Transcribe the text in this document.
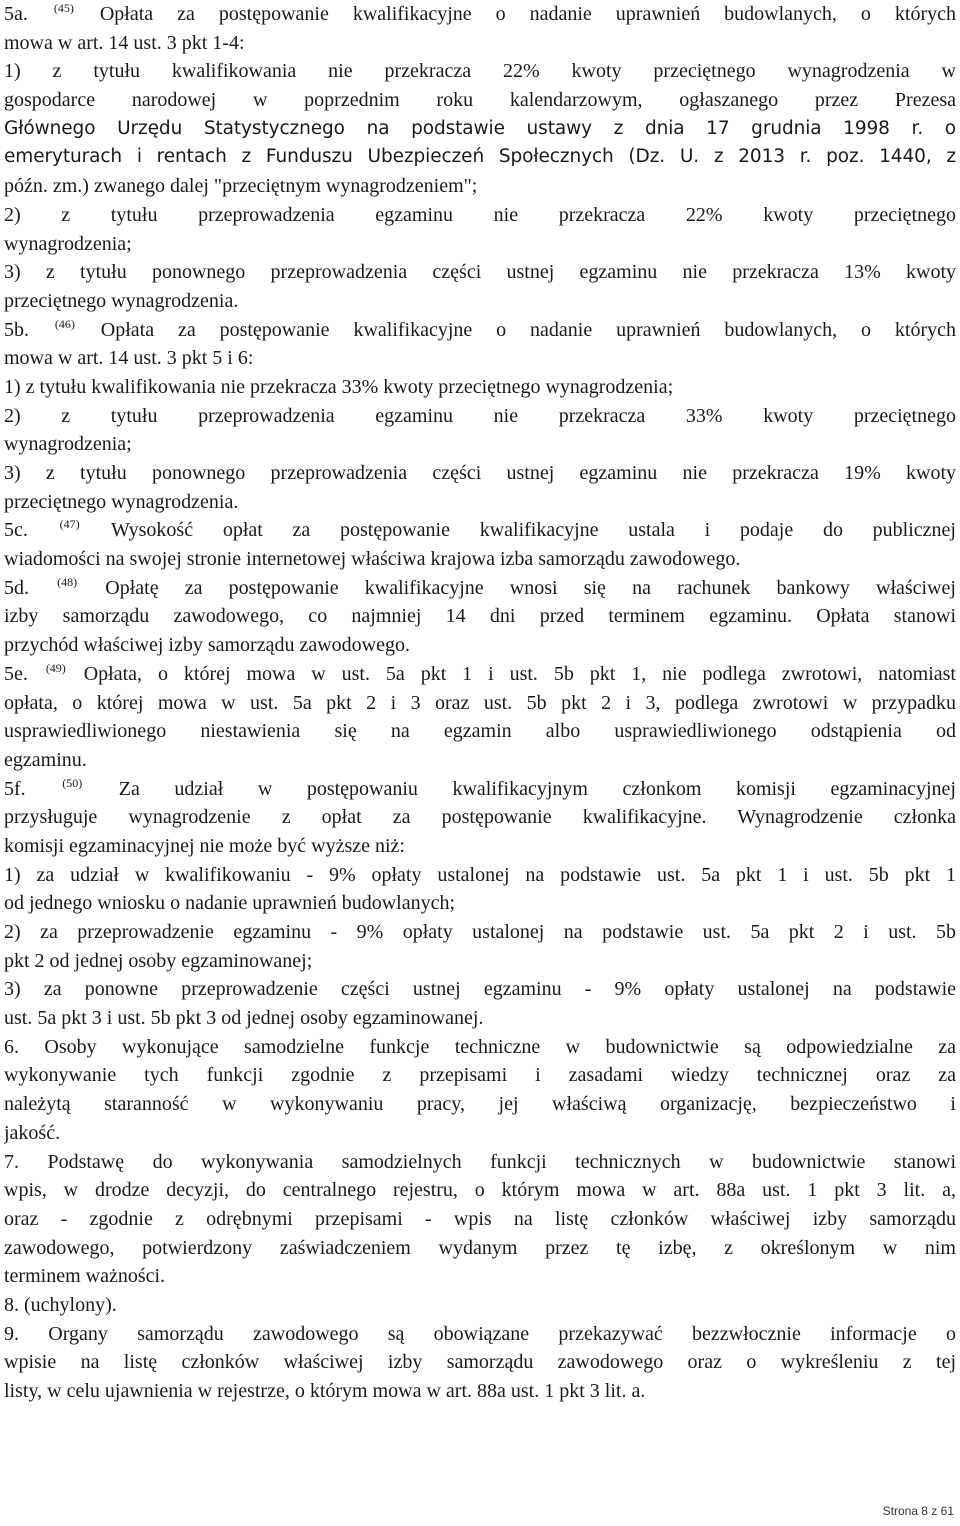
5a. $^{(45)}$ Opłata za postępowanie kwalifikacyjne o nadanie uprawnień budowlanych, o których
mowa w art. 14 ust. 3 pkt 1-4:
1) z tytułu kwalifikowania nie przekracza 22% kwoty przeciętnego wynagrodzenia w
gospodarce narodowej w poprzednim roku kalendarzowym, ogłaszanego przez Prezesa
Głównego Urzędu Statystycznego na podstawie ustawy z dnia 17 grudnia 1998 r. o
emeryturach i rentach z Funduszu Ubezpieczeń Społecznych (Dz. U. z 2013 r. poz. 1440, z
późn. zm.) zwanego dalej "przeciętnym wynagrodzeniem";
2) z tytułu przeprowadzenia egzaminu nie przekracza 22% kwoty przeciętnego
wynagrodzenia;
3) z tytułu ponownego przeprowadzenia części ustnej egzaminu nie przekracza 13% kwoty
przeciętnego wynagrodzenia.
5b. $^{(46)}$ Opłata za postępowanie kwalifikacyjne o nadanie uprawnień budowlanych, o których
mowa w art. 14 ust. 3 pkt 5 i 6:
1) z tytułu kwalifikowania nie przekracza 33% kwoty przeciętnego wynagrodzenia;
2) z tytułu przeprowadzenia egzaminu nie przekracza 33% kwoty przeciętnego
wynagrodzenia;
3) z tytułu ponownego przeprowadzenia części ustnej egzaminu nie przekracza 19% kwoty
przeciętnego wynagrodzenia.
5c. $^{(47)}$ Wysokość opłat za postępowanie kwalifikacyjne ustala i podaje do publicznej
wiadomości na swojej stronie internetowej właściwa krajowa izba samorządu zawodowego.
5d. $^{(48)}$ Opłatę za postępowanie kwalifikacyjne wnosi się na rachunek bankowy właściwej
izby samorządu zawodowego, co najmniej 14 dni przed terminem egzaminu. Opłata stanowi
przychód właściwej izby samorządu zawodowego.
5e. $^{(49)}$ Opłata, o której mowa w ust. 5a pkt 1 i ust. 5b pkt 1, nie podlega zwrotowi, natomiast
opłata, o której mowa w ust. 5a pkt 2 i 3 oraz ust. 5b pkt 2 i 3, podlega zwrotowi w przypadku
usprawiedliwionego niestawienia się na egzamin albo usprawiedliwionego odstąpienia od
egzaminu.
5f. $^{(50)}$ Za udział w postępowaniu kwalifikacyjnym członkom komisji egzaminacyjnej
przysługuje wynagrodzenie z opłat za postępowanie kwalifikacyjne. Wynagrodzenie członka
komisji egzaminacyjnej nie może być wyższe niż:
1) za udział w kwalifikowaniu - 9% opłaty ustalonej na podstawie ust. 5a pkt 1 i ust. 5b pkt 1
od jednego wniosku o nadanie uprawnień budowlanych;
2) za przeprowadzenie egzaminu - 9% opłaty ustalonej na podstawie ust. 5a pkt 2 i ust. 5b
pkt 2 od jednej osoby egzaminowanej;
3) za ponowne przeprowadzenie części ustnej egzaminu - 9% opłaty ustalonej na podstawie
ust. 5a pkt 3 i ust. 5b pkt 3 od jednej osoby egzaminowanej.
6. Osoby wykonujące samodzielne funkcje techniczne w budownictwie są odpowiedzialne za
wykonywanie tych funkcji zgodnie z przepisami i zasadami wiedzy technicznej oraz za
należytą staranność w wykonywaniu pracy, jej właściwą organizację, bezpieczeństwo i
jakość.
7. Podstawę do wykonywania samodzielnych funkcji technicznych w budownictwie stanowi
wpis, w drodze decyzji, do centralnego rejestru, o którym mowa w art. 88a ust. 1 pkt 3 lit. a,
oraz - zgodnie z odrębnymi przepisami - wpis na listę członków właściwej izby samorządu
zawodowego, potwierdzony zaświadczeniem wydanym przez tę izbę, z określonym w nim
terminem ważności.
8. (uchylony).
9. Organy samorządu zawodowego są obowiązane przekazywać bezzwłocznie informacje o
wpisie na listę członków właściwej izby samorządu zawodowego oraz o wykreśleniu z tej
listy, w celu ujawnienia w rejestrze, o którym mowa w art. 88a ust. 1 pkt 3 lit. a.
Strona 8 z 61
